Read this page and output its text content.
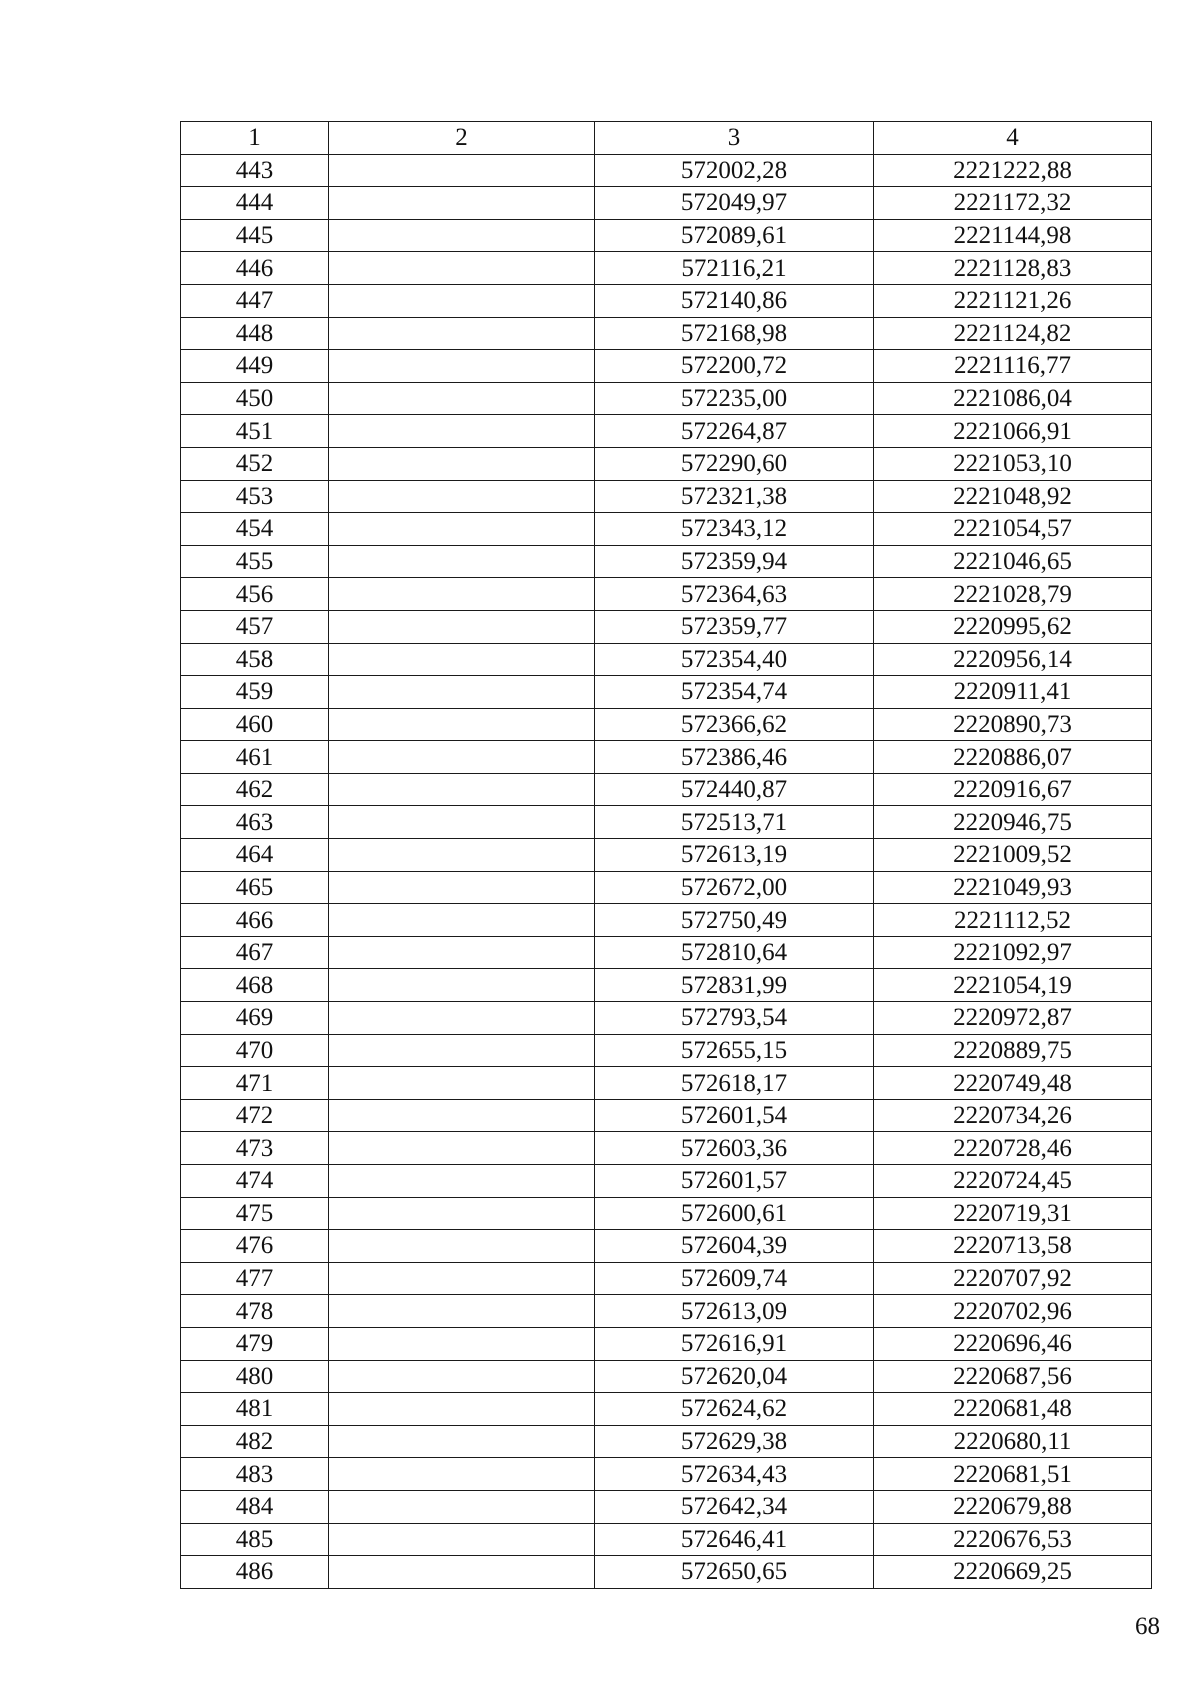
1	2	3	4
443		572002,28	2221222,88
444		572049,97	2221172,32
445		572089,61	2221144,98
446		572116,21	2221128,83
447		572140,86	2221121,26
448		572168,98	2221124,82
449		572200,72	2221116,77
450		572235,00	2221086,04
451		572264,87	2221066,91
452		572290,60	2221053,10
453		572321,38	2221048,92
454		572343,12	2221054,57
455		572359,94	2221046,65
456		572364,63	2221028,79
457		572359,77	2220995,62
458		572354,40	2220956,14
459		572354,74	2220911,41
460		572366,62	2220890,73
461		572386,46	2220886,07
462		572440,87	2220916,67
463		572513,71	2220946,75
464		572613,19	2221009,52
465		572672,00	2221049,93
466		572750,49	2221112,52
467		572810,64	2221092,97
468		572831,99	2221054,19
469		572793,54	2220972,87
470		572655,15	2220889,75
471		572618,17	2220749,48
472		572601,54	2220734,26
473		572603,36	2220728,46
474		572601,57	2220724,45
475		572600,61	2220719,31
476		572604,39	2220713,58
477		572609,74	2220707,92
478		572613,09	2220702,96
479		572616,91	2220696,46
480		572620,04	2220687,56
481		572624,62	2220681,48
482		572629,38	2220680,11
483		572634,43	2220681,51
484		572642,34	2220679,88
485		572646,41	2220676,53
486		572650,65	2220669,25
68
